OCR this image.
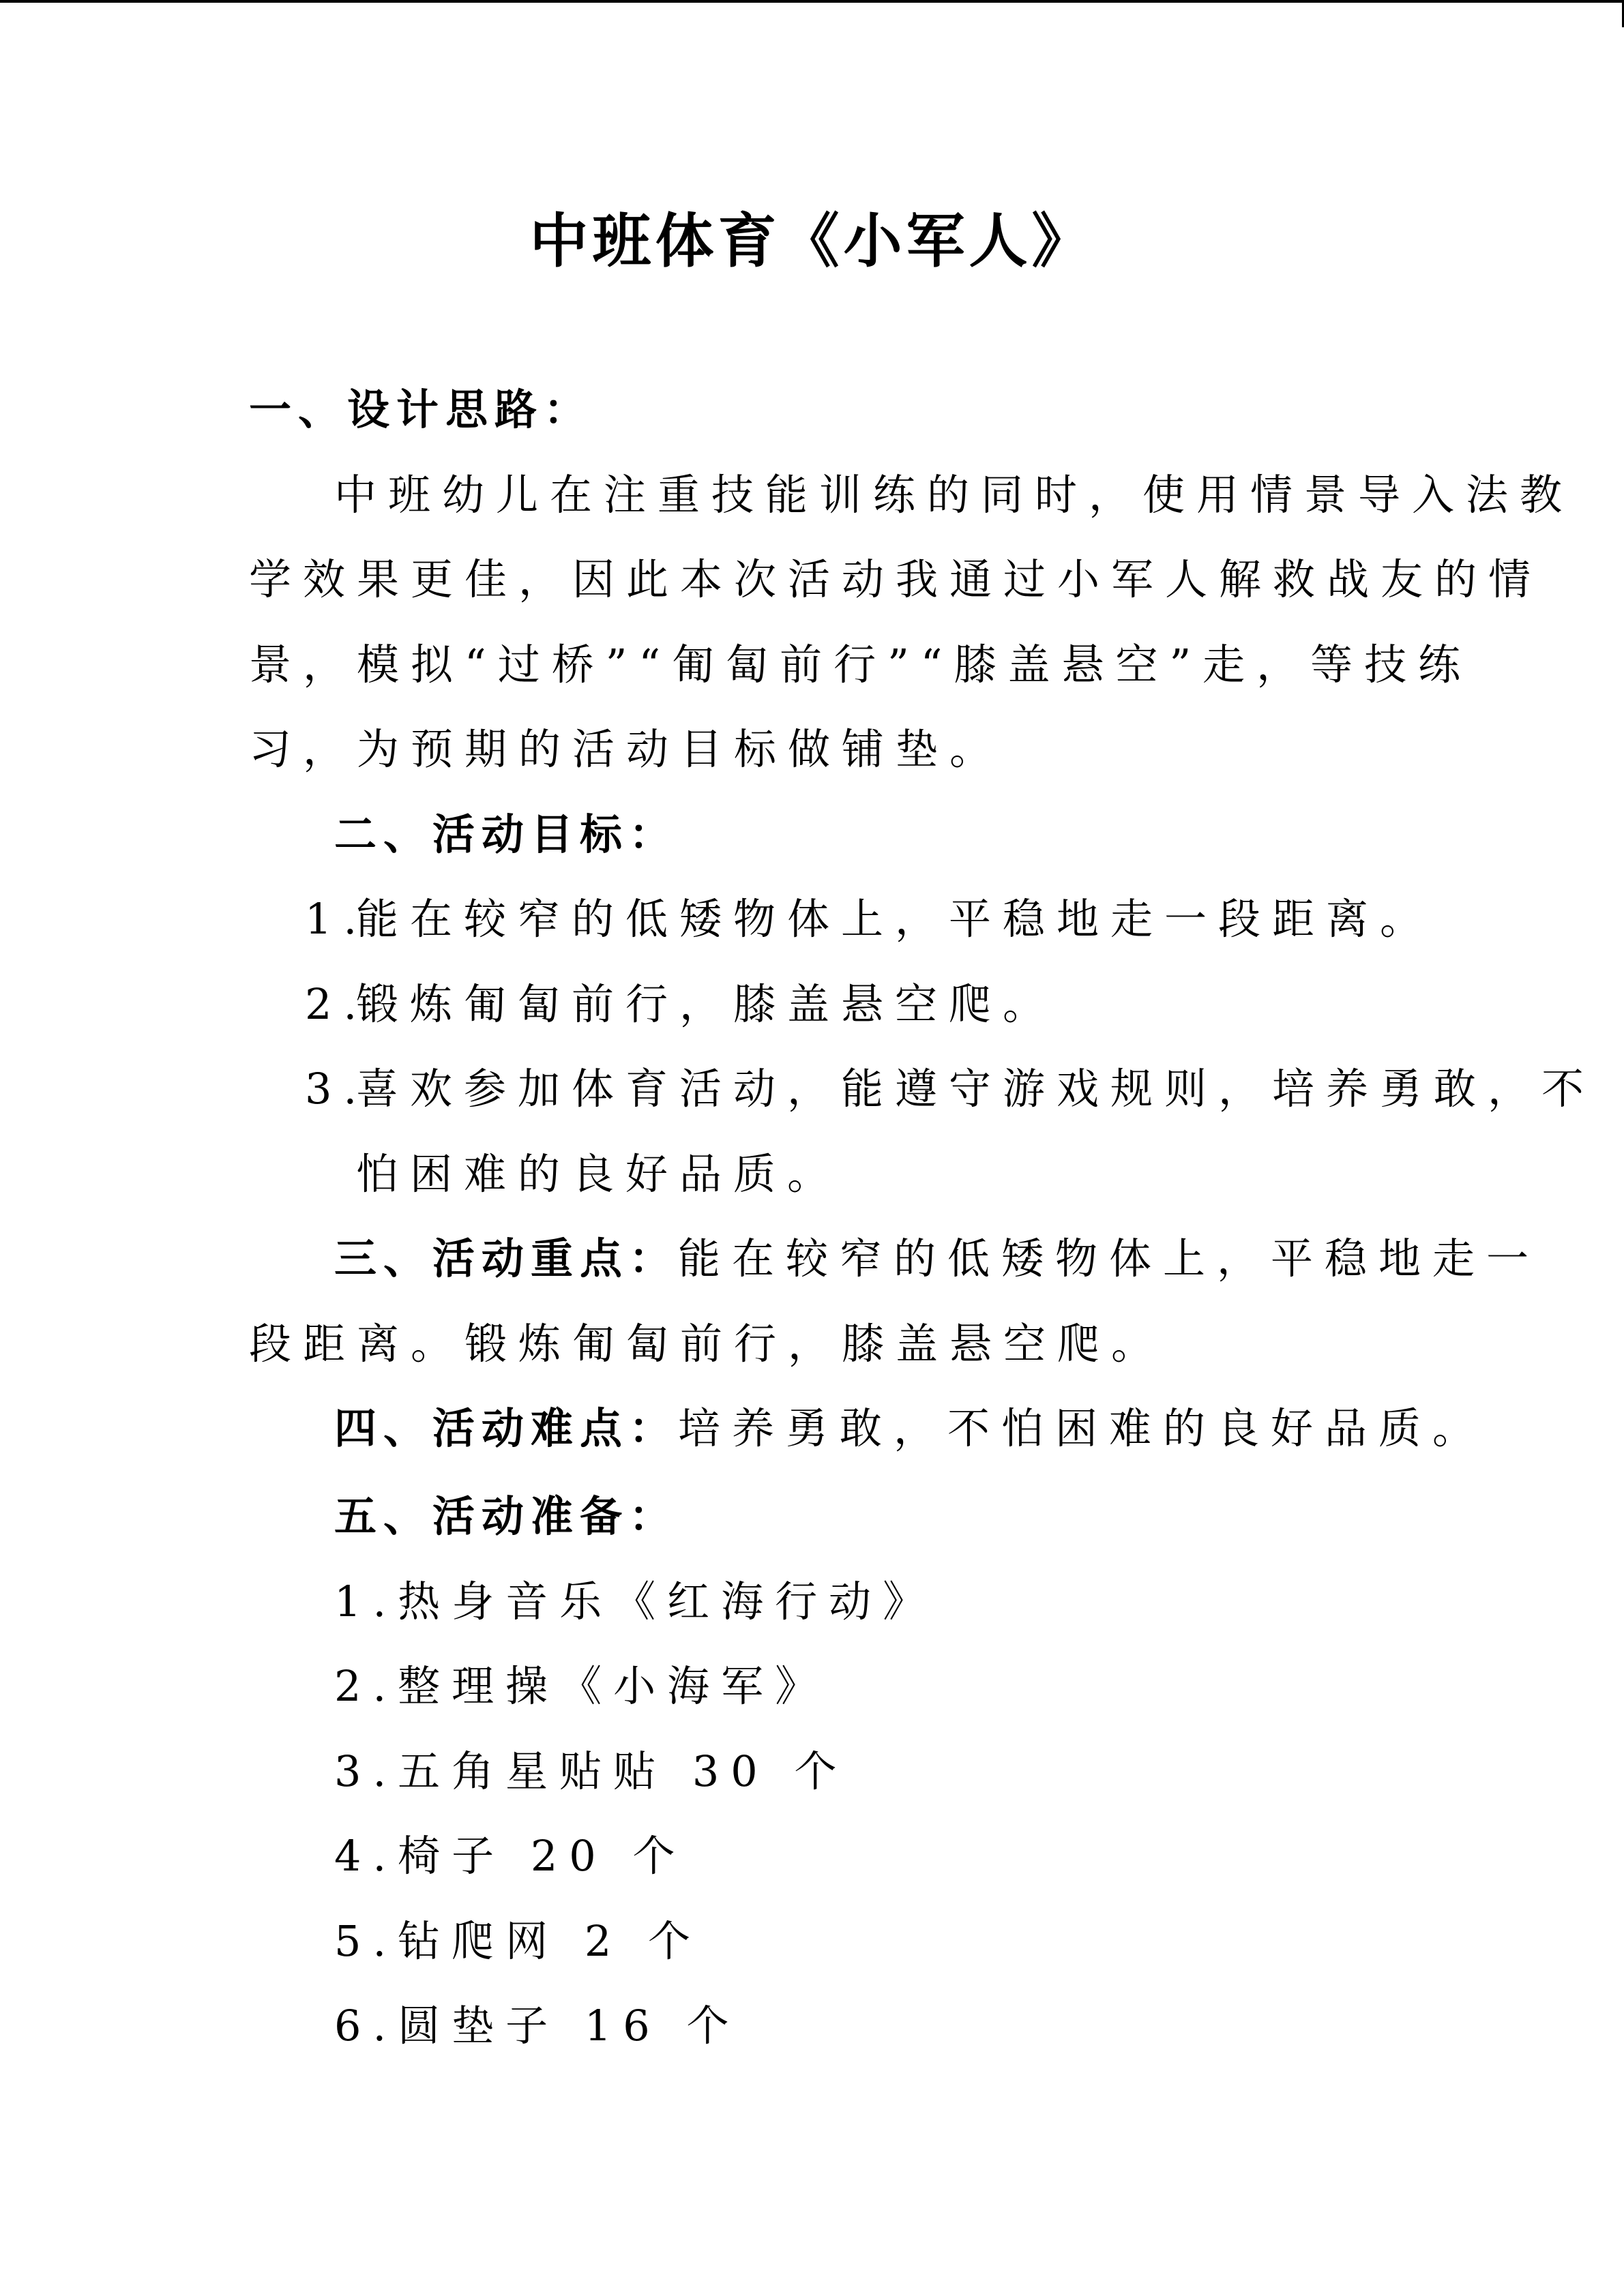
中班体育《小军人》
一、设计思路：
中班幼儿在注重技能训练的同时，使用情景导入法教
学效果更佳，因此本次活动我通过小军人解救战友的情
景，模拟“过桥”“匍匐前行”“膝盖悬空”走，等技练
习，为预期的活动目标做铺垫。
二、活动目标：
1.
能在较窄的低矮物体上，平稳地走一段距离。
2.
锻炼匍匐前行，膝盖悬空爬。
3.
喜欢参加体育活动，能遵守游戏规则，培养勇敢，不
怕困难的良好品质。
三、活动重点：能在较窄的低矮物体上，平稳地走一
段距离。锻炼匍匐前行，膝盖悬空爬。
四、活动难点：培养勇敢，不怕困难的良好品质。
五、活动准备：
1.热身音乐《红海行动》
2.整理操《小海军》
3.五角星贴贴 30 个
4.椅子 20 个
5.钻爬网 2 个
6.圆垫子 16 个
